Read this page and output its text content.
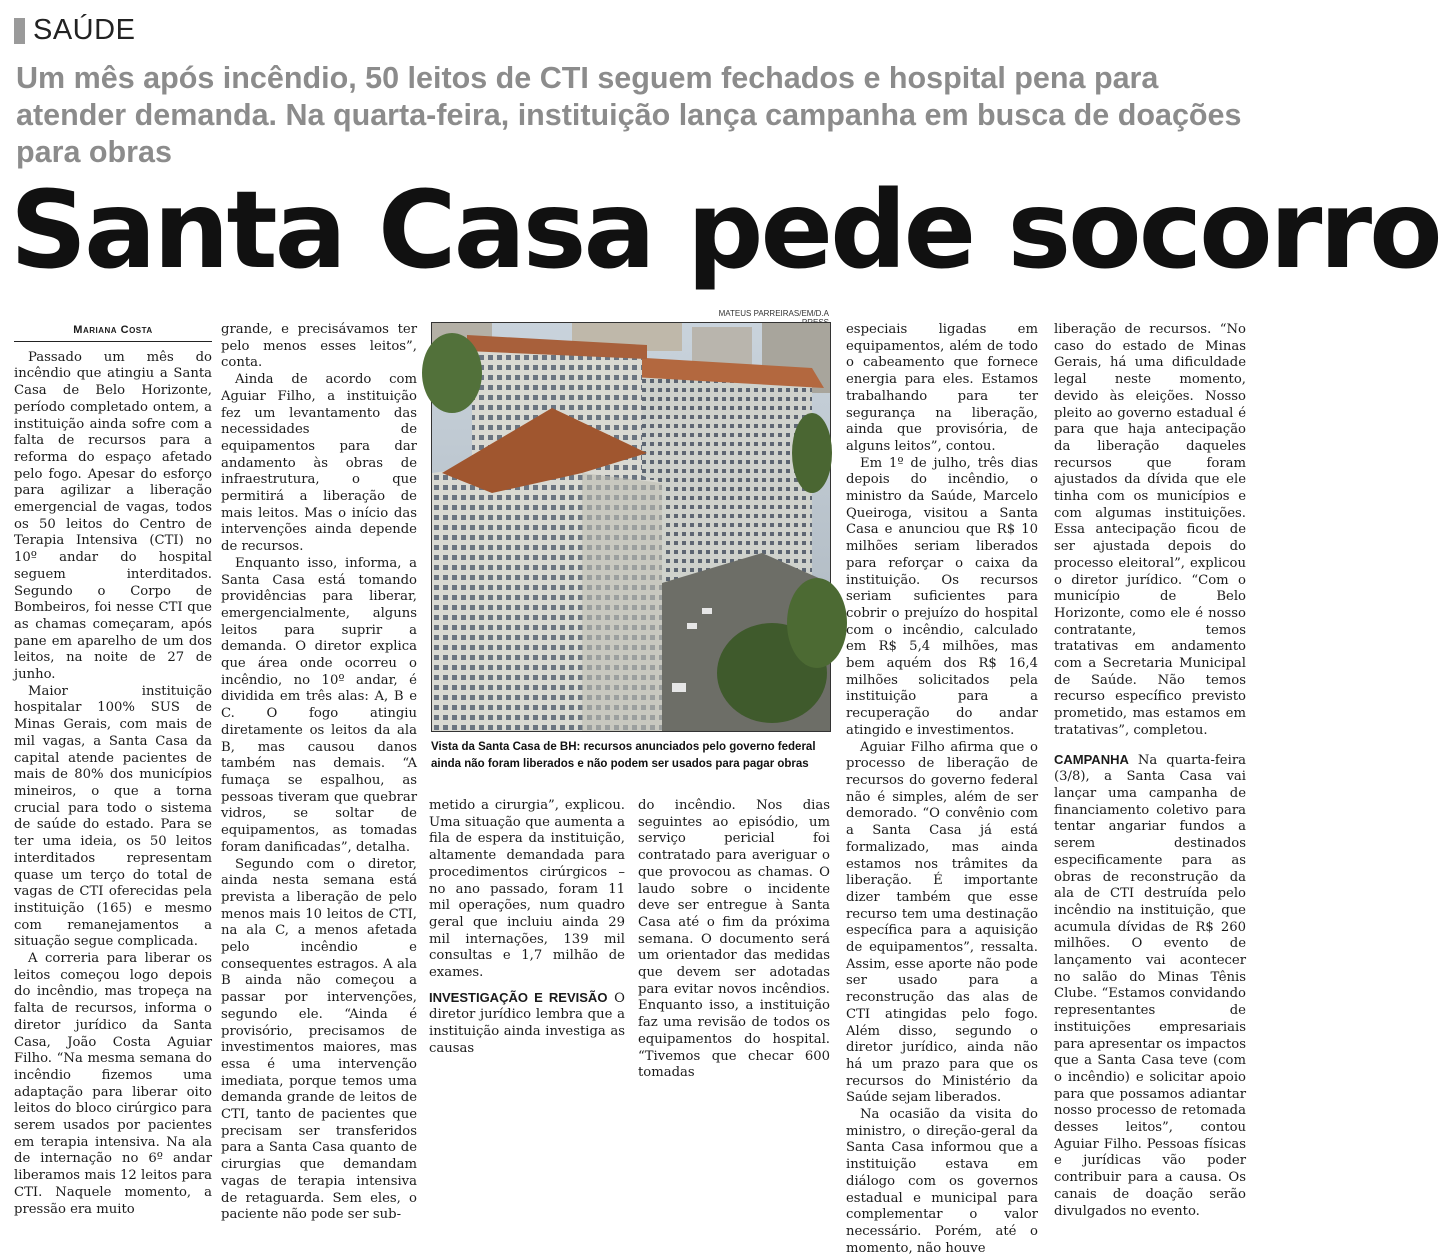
SAÚDE
Um mês após incêndio, 50 leitos de CTI seguem fechados e hospital pena para atender demanda. Na quarta-feira, instituição lança campanha em busca de doações para obras
Santa Casa pede socorro
Mariana Costa

Passado um mês do incêndio que atingiu a Santa Casa de Belo Horizonte, período completado ontem, a instituição ainda sofre com a falta de recursos para a reforma do espaço afetado pelo fogo. Apesar do esforço para agilizar a liberação emergencial de vagas, todos os 50 leitos do Centro de Terapia Intensiva (CTI) no 10º andar do hospital seguem interditados. Segundo o Corpo de Bombeiros, foi nesse CTI que as chamas começaram, após pane em aparelho de um dos leitos, na noite de 27 de junho.

Maior instituição hospitalar 100% SUS de Minas Gerais, com mais de mil vagas, a Santa Casa da capital atende pacientes de mais de 80% dos municípios mineiros, o que a torna crucial para todo o sistema de saúde do estado. Para se ter uma ideia, os 50 leitos interditados representam quase um terço do total de vagas de CTI oferecidas pela instituição (165) e mesmo com remanejamentos a situação segue complicada.

A correria para liberar os leitos começou logo depois do incêndio, mas tropeça na falta de recursos, informa o diretor jurídico da Santa Casa, João Costa Aguiar Filho. “Na mesma semana do incêndio fizemos uma adaptação para liberar oito leitos do bloco cirúrgico para serem usados por pacientes em terapia intensiva. Na ala de internação no 6º andar liberamos mais 12 leitos para CTI. Naquele momento, a pressão era muito

grande, e precisávamos ter pelo menos esses leitos”, conta.

Ainda de acordo com Aguiar Filho, a instituição fez um levantamento das necessidades de equipamentos para dar andamento às obras de infraestrutura, o que permitirá a liberação de mais leitos. Mas o início das intervenções ainda depende de recursos.

Enquanto isso, informa, a Santa Casa está tomando providências para liberar, emergencialmente, alguns leitos para suprir a demanda. O diretor explica que área onde ocorreu o incêndio, no 10º andar, é dividida em três alas: A, B e C. O fogo atingiu diretamente os leitos da ala B, mas causou danos também nas demais. “A fumaça se espalhou, as pessoas tiveram que quebrar vidros, se soltar de equipamentos, as tomadas foram danificadas”, detalha.

Segundo com o diretor, ainda nesta semana está prevista a liberação de pelo menos mais 10 leitos de CTI, na ala C, a menos afetada pelo incêndio e consequentes estragos. A ala B ainda não começou a passar por intervenções, segundo ele. “Ainda é provisório, precisamos de investimentos maiores, mas essa é uma intervenção imediata, porque temos uma demanda grande de leitos de CTI, tanto de pacientes que precisam ser transferidos para a Santa Casa quanto de cirurgias que demandam vagas de terapia intensiva de retaguarda. Sem eles, o paciente não pode ser sub-

MATEUS PARREIRAS/EM/D.A
Vista da Santa Casa de BH: recursos anunciados pelo governo federal ainda não foram liberados e não podem ser usados para pagar obras

metido a cirurgia”, explicou. Uma situação que aumenta a fila de espera da instituição, altamente demandada para procedimentos cirúrgicos – no ano passado, foram 11 mil operações, num quadro geral que incluiu ainda 29 mil internações, 139 mil consultas e 1,7 milhão de exames.

INVESTIGAÇÃO E REVISÃO O diretor jurídico lembra que a instituição ainda investiga as causas

do incêndio. Nos dias seguintes ao episódio, um serviço pericial foi contratado para averiguar o que provocou as chamas. O laudo sobre o incidente deve ser entregue à Santa Casa até o fim da próxima semana. O documento será um orientador das medidas que devem ser adotadas para evitar novos incêndios. Enquanto isso, a instituição faz uma revisão de todos os equipamentos do hospital. “Tivemos que checar 600 tomadas

especiais ligadas em equipamentos, além de todo o cabeamento que fornece energia para eles. Estamos trabalhando para ter segurança na liberação, ainda que provisória, de alguns leitos”, contou.

Em 1º de julho, três dias depois do incêndio, o ministro da Saúde, Marcelo Queiroga, visitou a Santa Casa e anunciou que R$ 10 milhões seriam liberados para reforçar o caixa da instituição. Os recursos seriam suficientes para cobrir o prejuízo do hospital com o incêndio, calculado em R$ 5,4 milhões, mas bem aquém dos R$ 16,4 milhões solicitados pela instituição para a recuperação do andar atingido e investimentos.

Aguiar Filho afirma que o processo de liberação de recursos do governo federal não é simples, além de ser demorado. “O convênio com a Santa Casa já está formalizado, mas ainda estamos nos trâmites da liberação. É importante dizer também que esse recurso tem uma destinação específica para a aquisição de equipamentos”, ressalta. Assim, esse aporte não pode ser usado para a reconstrução das alas de CTI atingidas pelo fogo. Além disso, segundo o diretor jurídico, ainda não há um prazo para que os recursos do Ministério da Saúde sejam liberados.

Na ocasião da visita do ministro, o direção-geral da Santa Casa informou que a instituição estava em diálogo com os governos estadual e municipal para complementar o valor necessário. Porém, até o momento, não houve

liberação de recursos. “No caso do estado de Minas Gerais, há uma dificuldade legal neste momento, devido às eleições. Nosso pleito ao governo estadual é para que haja antecipação da liberação daqueles recursos que foram ajustados da dívida que ele tinha com os municípios e com algumas instituições. Essa antecipação ficou de ser ajustada depois do processo eleitoral”, explicou o diretor jurídico. “Com o município de Belo Horizonte, como ele é nosso contratante, temos tratativas em andamento com a Secretaria Municipal de Saúde. Não temos recurso específico previsto prometido, mas estamos em tratativas”, completou.

CAMPANHA Na quarta-feira (3/8), a Santa Casa vai lançar uma campanha de financiamento coletivo para tentar angariar fundos a serem destinados especificamente para as obras de reconstrução da ala de CTI destruída pelo incêndio na instituição, que acumula dívidas de R$ 260 milhões. O evento de lançamento vai acontecer no salão do Minas Tênis Clube. “Estamos convidando representantes de instituições empresariais para apresentar os impactos que a Santa Casa teve (com o incêndio) e solicitar apoio para que possamos adiantar nosso processo de retomada desses leitos”, contou Aguiar Filho. Pessoas físicas e jurídicas vão poder contribuir para a causa. Os canais de doação serão divulgados no evento.
